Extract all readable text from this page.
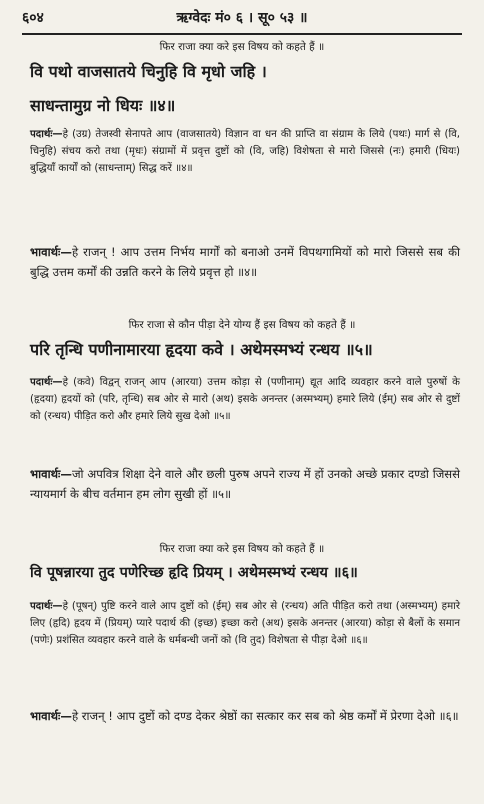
६०४	ऋग्वेदः मं० ६ । सू० ५३ ॥
फिर राजा क्या करे इस विषय को कहते हैं ॥
वि पथो वाजसातये चिनुहि वि मृधो जहि ।
साधन्तामुग्र नो धियः ॥४॥
पदार्थः—हे (उग्र) तेजस्वी सेनापते आप (वाजसातये) विज्ञान वा धन की प्राप्ति वा संग्राम के लिये (पथः) मार्ग से (वि, चिनुहि) संचय करो तथा (मृधः) संग्रामों में प्रवृत्त दुष्टों को (वि, जहि) विशेषता से मारो जिससे (नः) हमारी (धियः) बुद्धियाँ कार्यों को (साधन्ताम्) सिद्ध करें ॥४॥
भावार्थः—हे राजन् ! आप उत्तम निर्भय मार्गों को बनाओ उनमें विपथगामियों को मारो जिससे सब की बुद्धि उत्तम कर्मों की उन्नति करने के लिये प्रवृत्त हो ॥४॥
फिर राजा से कौन पीड़ा देने योग्य हैं इस विषय को कहते हैं ॥
परि तृन्धि पणीनामारया हृदया कवे । अथेमस्मभ्यं रन्धय ॥५॥
पदार्थः—हे (कवे) विद्वन् राजन् आप (आरया) उत्तम कोड़ा से (पणीनाम्) द्यूत आदि व्यवहार करने वाले पुरुषों के (हृदया) हृदयों को (परि, तृन्धि) सब ओर से मारो (अथ) इसके अनन्तर (अस्मभ्यम्) हमारे लिये (ईम्) सब ओर से दुष्टों को (रन्धय) पीड़ित करो और हमारे लिये सुख देओ ॥५॥
भावार्थः—जो अपवित्र शिक्षा देने वाले और छली पुरुष अपने राज्य में हों उनको अच्छे प्रकार दण्डो जिससे न्यायमार्ग के बीच वर्तमान हम लोग सुखी हों ॥५॥
फिर राजा क्या करे इस विषय को कहते हैं ॥
वि पूषन्नारया तुद पणेरिच्छ हृदि प्रियम् । अथेमस्मभ्यं रन्धय ॥६॥
पदार्थः—हे (पूषन्) पुष्टि करने वाले आप दुष्टों को (ईम्) सब ओर से (रन्धय) अति पीड़ित करो तथा (अस्मभ्यम्) हमारे लिए (हृदि) हृदय में (प्रियम्) प्यारे पदार्थ की (इच्छ) इच्छा करो (अथ) इसके अनन्तर (आरया) कोड़ा से बैलों के समान (पणेः) प्रशंसित व्यवहार करने वाले के धर्मबन्धी जनों को (वि तुद) विशेषता से पीड़ा देओ ॥६॥
भावार्थः—हे राजन् ! आप दुष्टों को दण्ड देकर श्रेष्ठों का सत्कार कर सब को श्रेष्ठ कर्मों में प्रेरणा देओ ॥६॥
